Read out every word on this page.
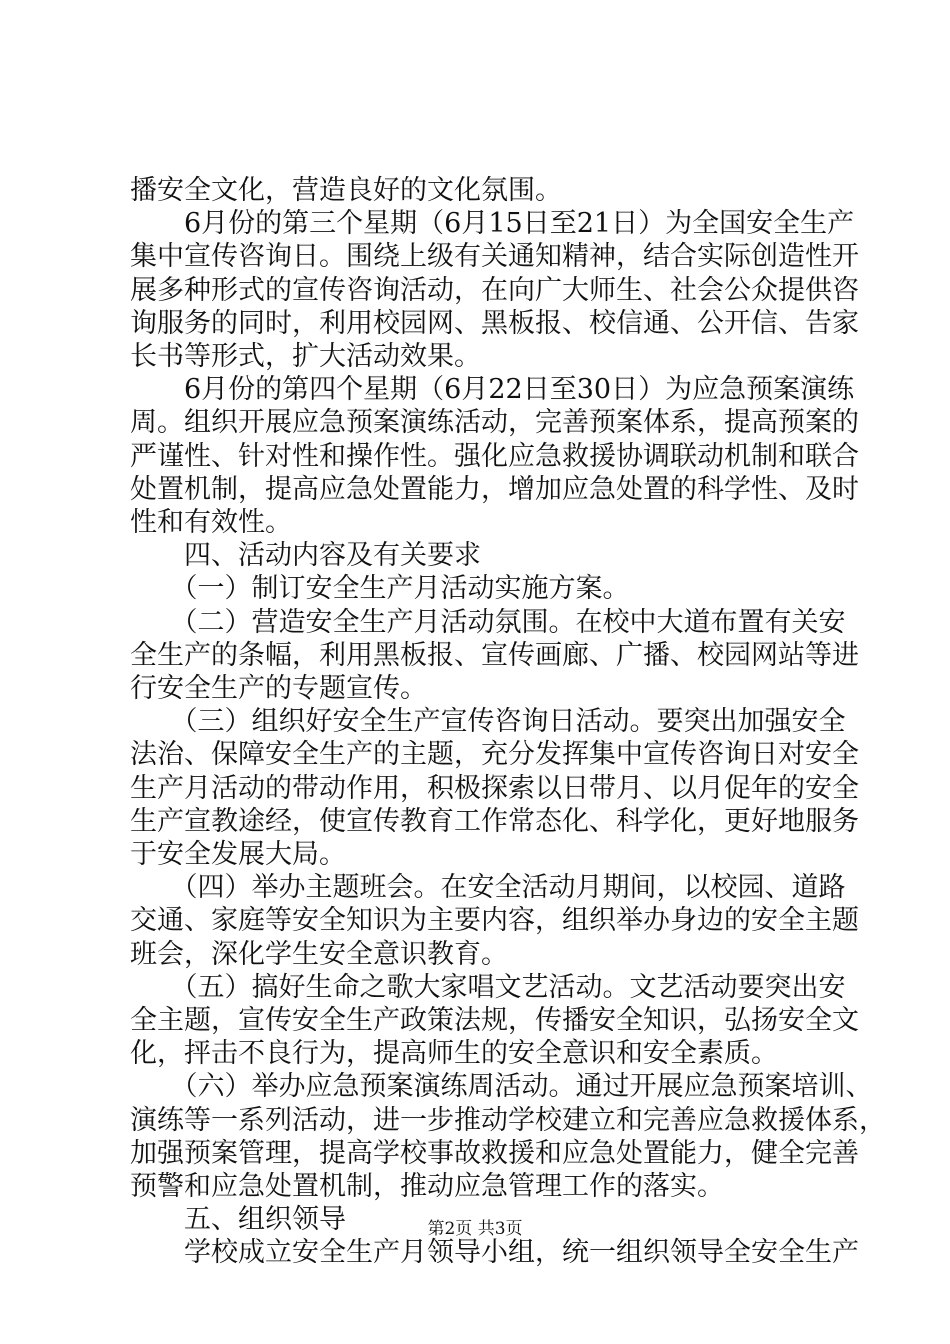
播安全文化，营造良好的文化氛围。
　　6月份的第三个星期（6月15日至21日）为全国安全生产
集中宣传咨询日。围绕上级有关通知精神，结合实际创造性开
展多种形式的宣传咨询活动，在向广大师生、社会公众提供咨
询服务的同时，利用校园网、黑板报、校信通、公开信、告家
长书等形式，扩大活动效果。
　　6月份的第四个星期（6月22日至30日）为应急预案演练
周。组织开展应急预案演练活动，完善预案体系，提高预案的
严谨性、针对性和操作性。强化应急救援协调联动机制和联合
处置机制，提高应急处置能力，增加应急处置的科学性、及时
性和有效性。
　　四、活动内容及有关要求
　　（一）制订安全生产月活动实施方案。
　　（二）营造安全生产月活动氛围。在校中大道布置有关安
全生产的条幅，利用黑板报、宣传画廊、广播、校园网站等进
行安全生产的专题宣传。
　　（三）组织好安全生产宣传咨询日活动。要突出加强安全
法治、保障安全生产的主题，充分发挥集中宣传咨询日对安全
生产月活动的带动作用，积极探索以日带月、以月促年的安全
生产宣教途经，使宣传教育工作常态化、科学化，更好地服务
于安全发展大局。
　　（四）举办主题班会。在安全活动月期间，以校园、道路
交通、家庭等安全知识为主要内容，组织举办身边的安全主题
班会，深化学生安全意识教育。
　　（五）搞好生命之歌大家唱文艺活动。文艺活动要突出安
全主题，宣传安全生产政策法规，传播安全知识，弘扬安全文
化，抨击不良行为，提高师生的安全意识和安全素质。
　　（六）举办应急预案演练周活动。通过开展应急预案培训、
演练等一系列活动，进一步推动学校建立和完善应急救援体系，
加强预案管理，提高学校事故救援和应急处置能力，健全完善
预警和应急处置机制，推动应急管理工作的落实。
　　五、组织领导
　　学校成立安全生产月领导小组，统一组织领导全安全生产
第2页 共3页
